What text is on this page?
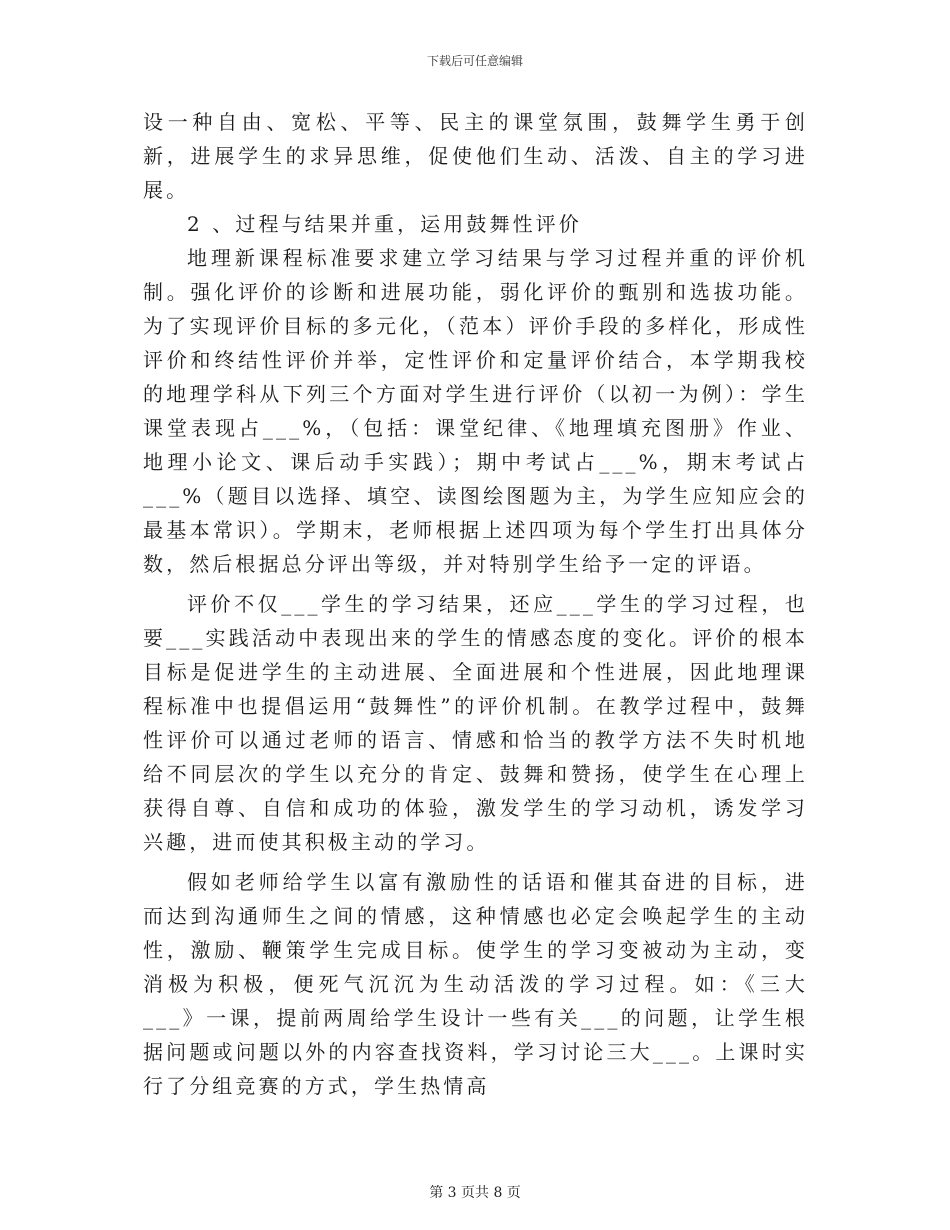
下载后可任意编辑

设一种自由、宽松、平等、民主的课堂氛围，鼓舞学生勇于创新，进展学生的求异思维，促使他们生动、活泼、自主的学习进展。

2 、过程与结果并重，运用鼓舞性评价

地理新课程标准要求建立学习结果与学习过程并重的评价机制。强化评价的诊断和进展功能，弱化评价的甄别和选拔功能。为了实现评价目标的多元化，（范本）评价手段的多样化，形成性评价和终结性评价并举，定性评价和定量评价结合，本学期我校的地理学科从下列三个方面对学生进行评价（以初一为例）：学生课堂表现占___%，（包括：课堂纪律、《地理填充图册》作业、地理小论文、课后动手实践）；期中考试占___%，期末考试占___%（题目以选择、填空、读图绘图题为主，为学生应知应会的最基本常识）。学期末，老师根据上述四项为每个学生打出具体分数，然后根据总分评出等级，并对特别学生给予一定的评语。

评价不仅___学生的学习结果，还应___学生的学习过程，也要___实践活动中表现出来的学生的情感态度的变化。评价的根本目标是促进学生的主动进展、全面进展和个性进展，因此地理课程标准中也提倡运用“鼓舞性”的评价机制。在教学过程中，鼓舞性评价可以通过老师的语言、情感和恰当的教学方法不失时机地给不同层次的学生以充分的肯定、鼓舞和赞扬，使学生在心理上获得自尊、自信和成功的体验，激发学生的学习动机，诱发学习兴趣，进而使其积极主动的学习。

假如老师给学生以富有激励性的话语和催其奋进的目标，进而达到沟通师生之间的情感，这种情感也必定会唤起学生的主动性，激励、鞭策学生完成目标。使学生的学习变被动为主动，变消极为积极，便死气沉沉为生动活泼的学习过程。如：《三大___》一课，提前两周给学生设计一些有关___的问题，让学生根据问题或问题以外的内容查找资料，学习讨论三大___。上课时实行了分组竞赛的方式，学生热情高

第 3 页共 8 页
